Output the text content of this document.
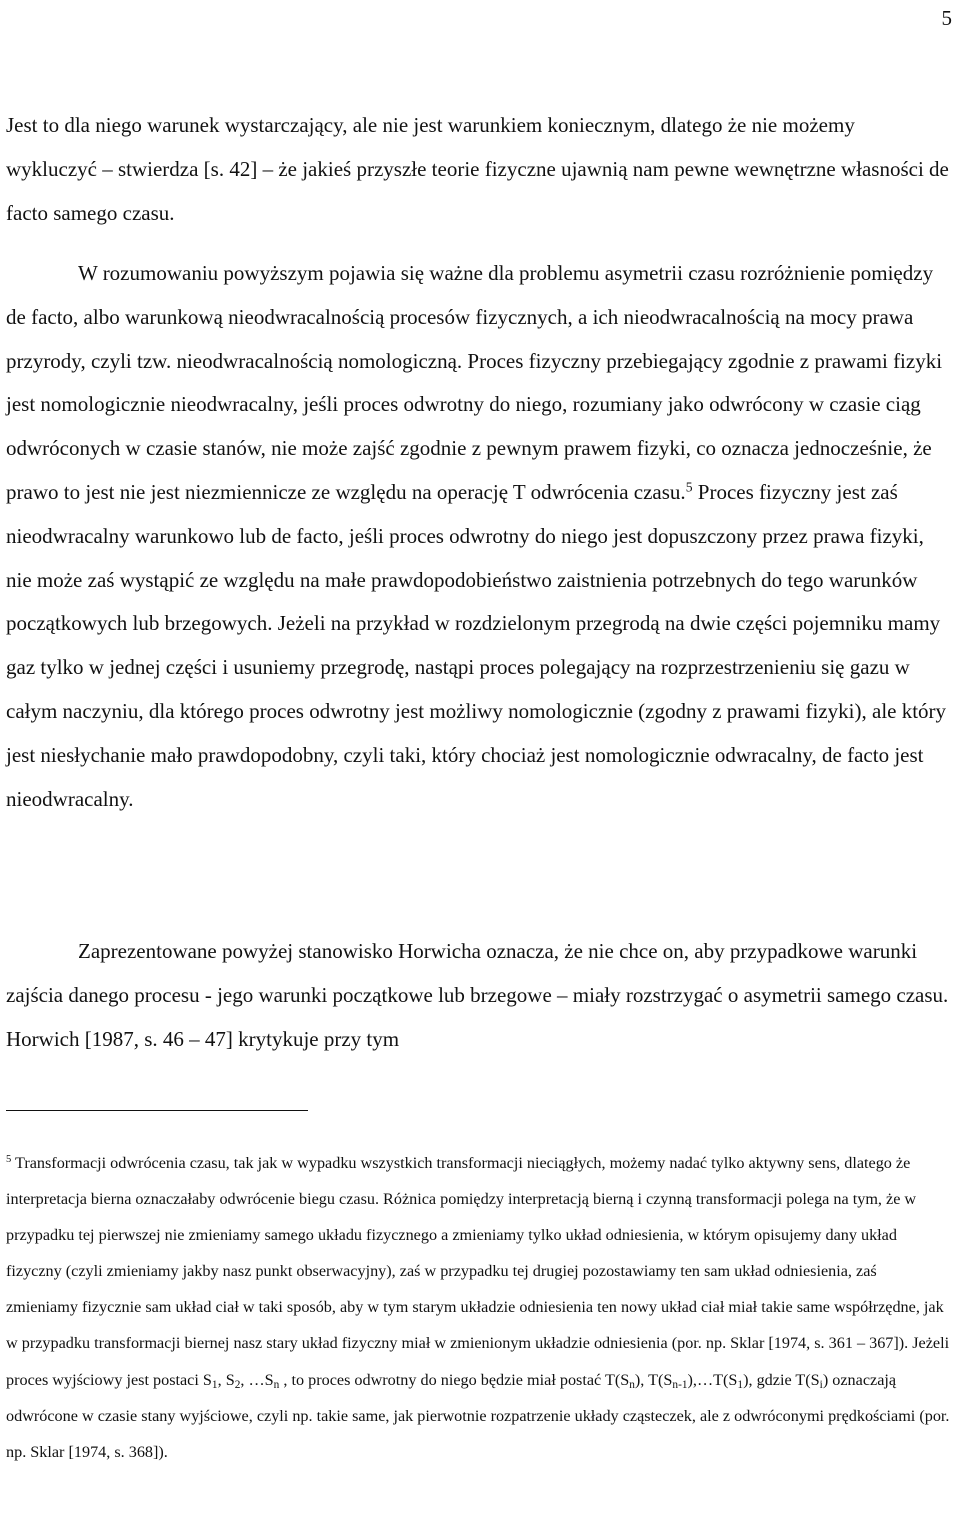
5

Jest to dla niego warunek wystarczający, ale nie jest warunkiem koniecznym, dlatego że nie możemy wykluczyć – stwierdza [s. 42] – że jakieś przyszłe teorie fizyczne ujawnią nam pewne wewnętrzne własności de facto samego czasu.

W rozumowaniu powyższym pojawia się ważne dla problemu asymetrii czasu rozróżnienie pomiędzy de facto, albo warunkową nieodwracalnością procesów fizycznych, a ich nieodwracalnością na mocy prawa przyrody, czyli tzw. nieodwracalnością nomologiczną. Proces fizyczny przebiegający zgodnie z prawami fizyki jest nomologicznie nieodwracalny, jeśli proces odwrotny do niego, rozumiany jako odwrócony w czasie ciąg odwróconych w czasie stanów, nie może zajść zgodnie z pewnym prawem fizyki, co oznacza jednocześnie, że prawo to jest nie jest niezmiennicze ze względu na operację T odwrócenia czasu.$^5$ Proces fizyczny jest zaś nieodwracalny warunkowo lub de facto, jeśli proces odwrotny do niego jest dopuszczony przez prawa fizyki, nie może zaś wystąpić ze względu na małe prawdopodobieństwo zaistnienia potrzebnych do tego warunków początkowych lub brzegowych. Jeżeli na przykład w rozdzielonym przegrodą na dwie części pojemniku mamy gaz tylko w jednej części i usuniemy przegrodę, nastąpi proces polegający na rozprzestrzenieniu się gazu w całym naczyniu, dla którego proces odwrotny jest możliwy nomologicznie (zgodny z prawami fizyki), ale który jest niesłychanie mało prawdopodobny, czyli taki, który chociaż jest nomologicznie odwracalny, de facto jest nieodwracalny.

Zaprezentowane powyżej stanowisko Horwicha oznacza, że nie chce on, aby przypadkowe warunki zajścia danego procesu - jego warunki początkowe lub brzegowe – miały rozstrzygać o asymetrii samego czasu. Horwich [1987, s. 46 – 47] krytykuje przy tym

$^5$ Transformacji odwrócenia czasu, tak jak w wypadku wszystkich transformacji nieciągłych, możemy nadać tylko aktywny sens, dlatego że interpretacja bierna oznaczałaby odwrócenie biegu czasu. Różnica pomiędzy interpretacją bierną i czynną transformacji polega na tym, że w przypadku tej pierwszej nie zmieniamy samego układu fizycznego a zmieniamy tylko układ odniesienia, w którym opisujemy dany układ fizyczny (czyli zmieniamy jakby nasz punkt obserwacyjny), zaś w przypadku tej drugiej pozostawiamy ten sam układ odniesienia, zaś zmieniamy fizycznie sam układ ciał w taki sposób, aby w tym starym układzie odniesienia ten nowy układ ciał miał takie same współrzędne, jak w przypadku transformacji biernej nasz stary układ fizyczny miał w zmienionym układzie odniesienia (por. np. Sklar [1974, s. 361 – 367]). Jeżeli proces wyjściowy jest postaci $S_1$, $S_2$, $\dots S_n$ , to proces odwrotny do niego będzie miał postać $T(S_n)$, $T(S_{n-1}),\dots T(S_1)$, gdzie $T(S_i)$ oznaczają odwrócone w czasie stany wyjściowe, czyli np. takie same, jak pierwotnie rozpatrzenie układy cząsteczek, ale z odwróconymi prędkościami (por. np. Sklar [1974, s. 368]).
